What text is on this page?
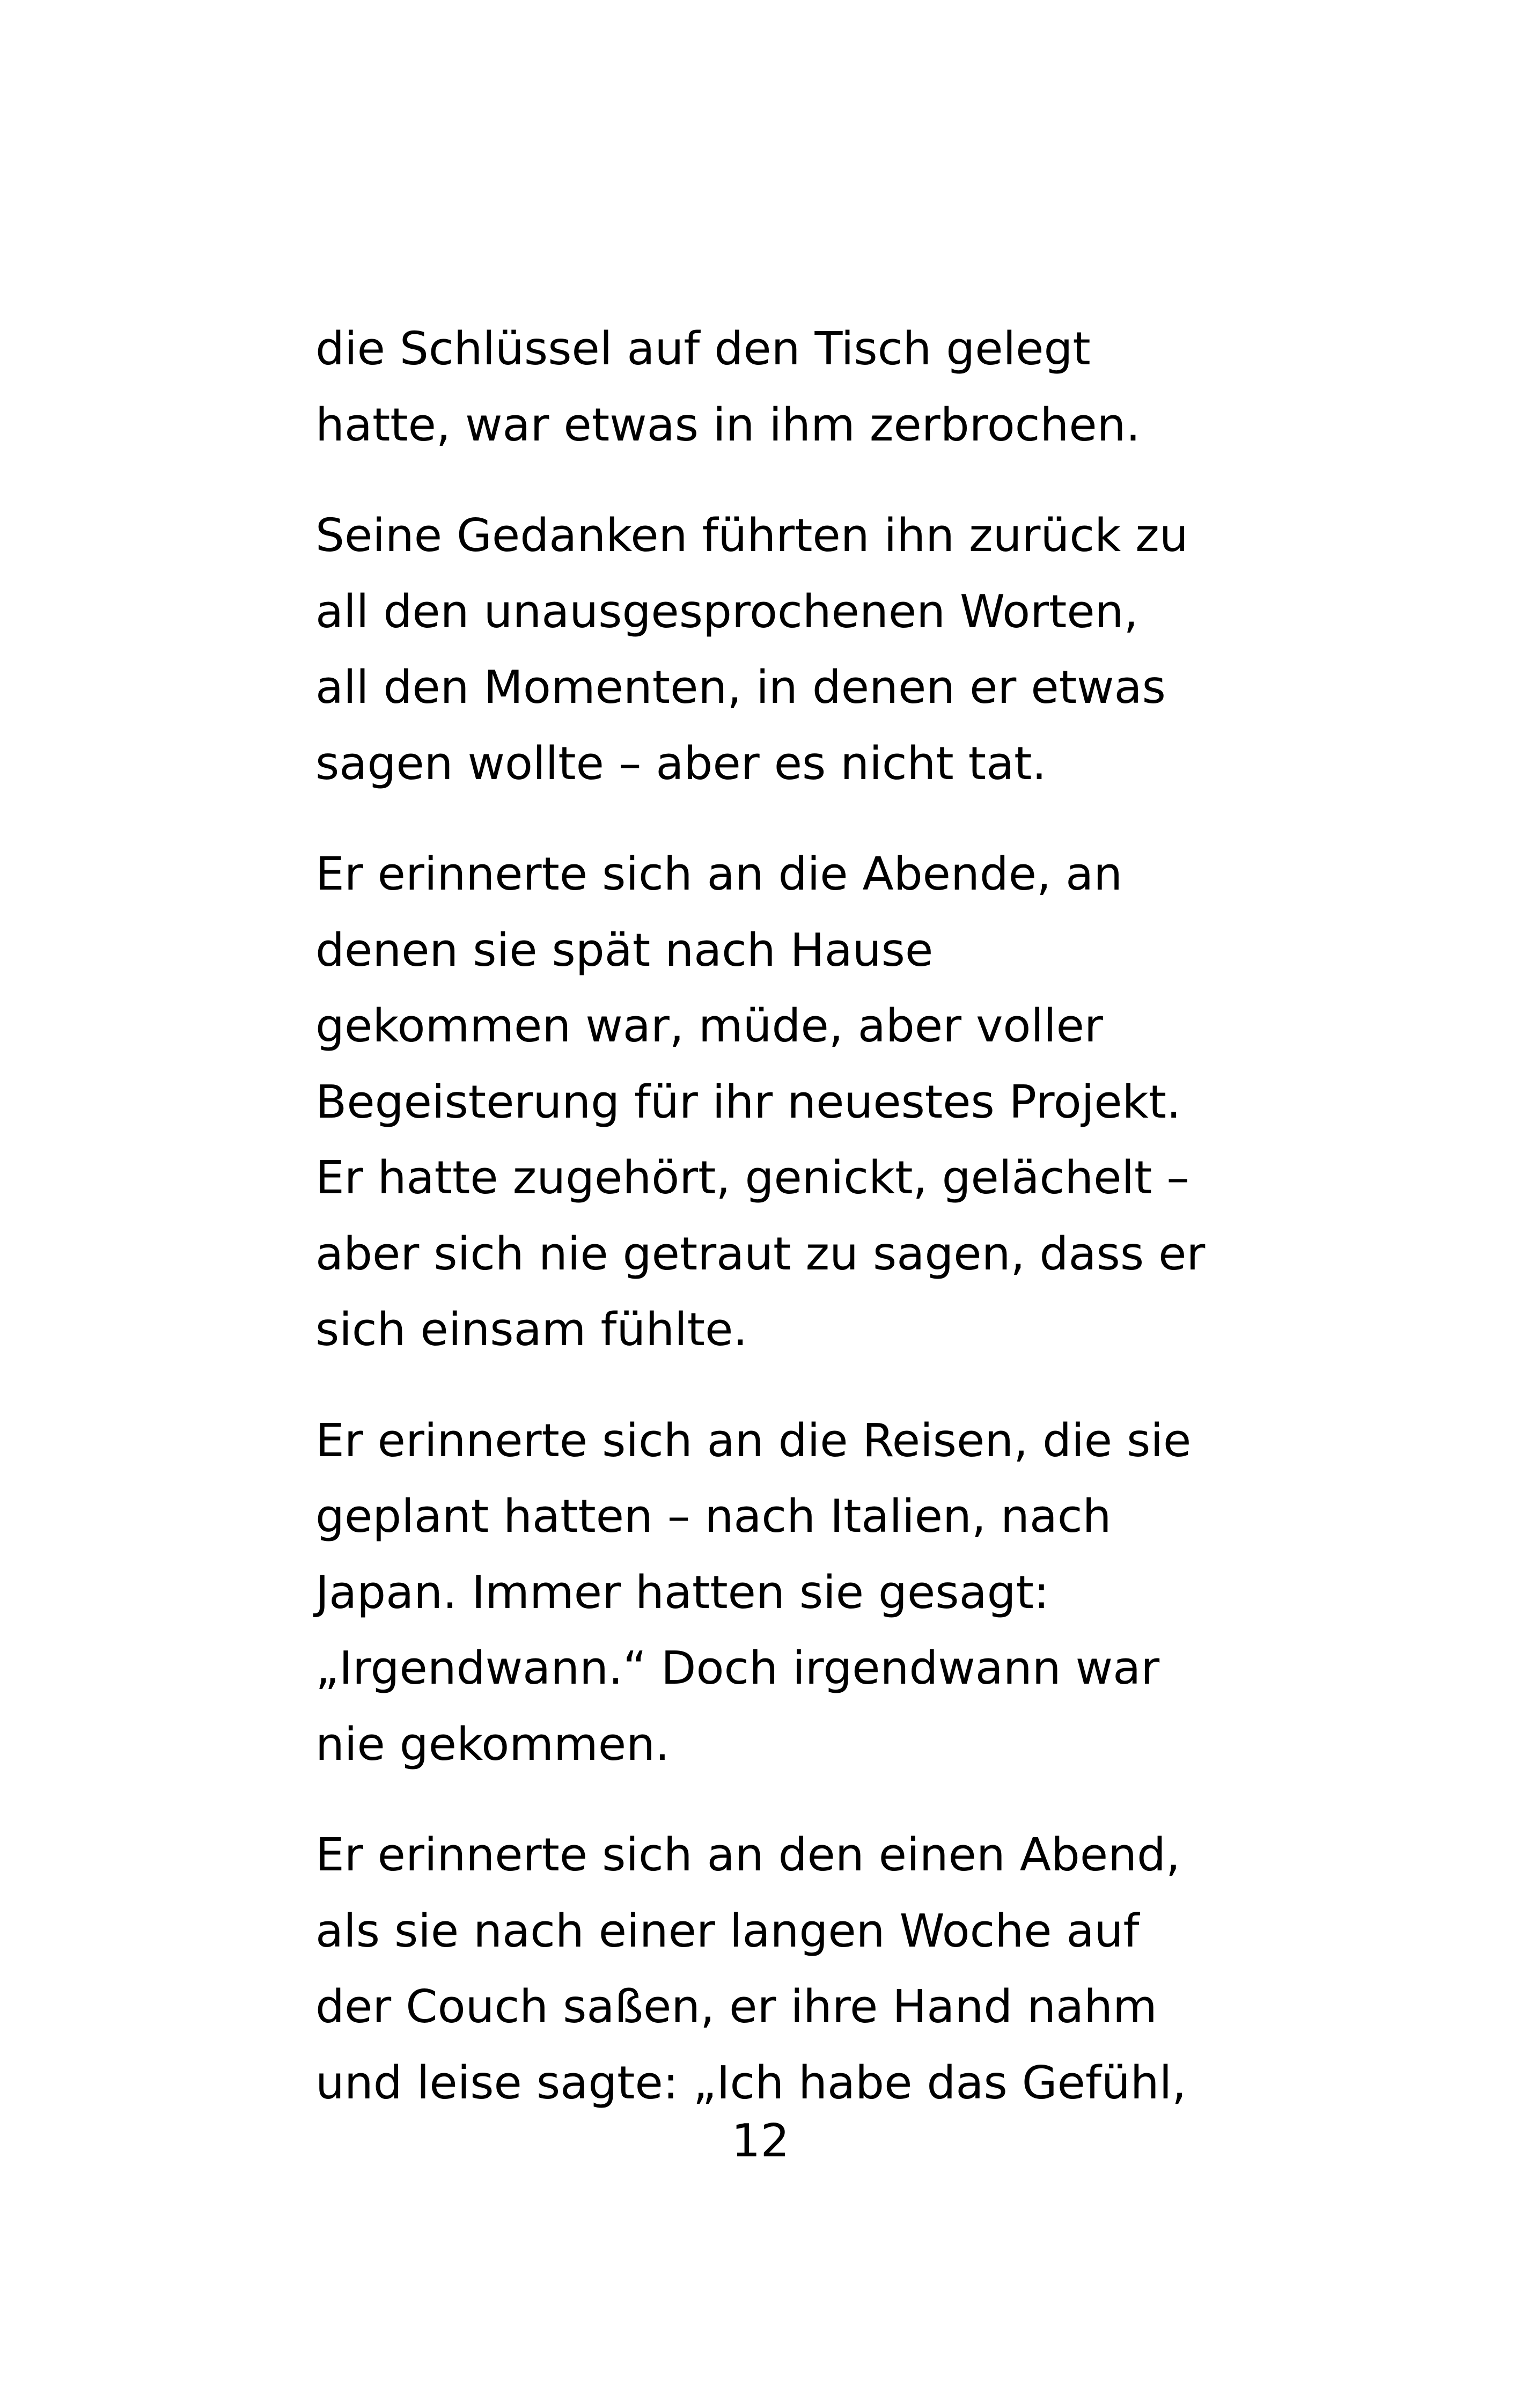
die Schlüssel auf den Tisch gelegt
hatte, war etwas in ihm zerbrochen.
Seine Gedanken führten ihn zurück zu
all den unausgesprochenen Worten,
all den Momenten, in denen er etwas
sagen wollte – aber es nicht tat.
Er erinnerte sich an die Abende, an
denen sie spät nach Hause
gekommen war, müde, aber voller
Begeisterung für ihr neuestes Projekt.
Er hatte zugehört, genickt, gelächelt –
aber sich nie getraut zu sagen, dass er
sich einsam fühlte.
Er erinnerte sich an die Reisen, die sie
geplant hatten – nach Italien, nach
Japan. Immer hatten sie gesagt:
„Irgendwann.“ Doch irgendwann war
nie gekommen.
Er erinnerte sich an den einen Abend,
als sie nach einer langen Woche auf
der Couch saßen, er ihre Hand nahm
und leise sagte: „Ich habe das Gefühl,
12
